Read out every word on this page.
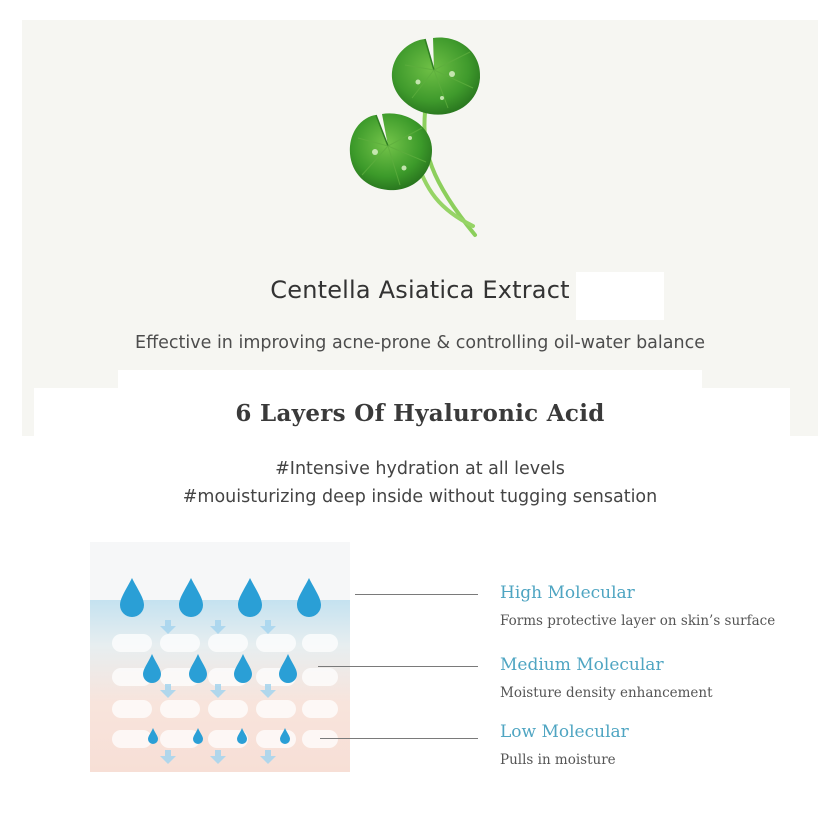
Centella Asiatica Extract
Effective in improving acne-prone & controlling oil-water balance
6 Layers Of Hyaluronic Acid
#Intensive hydration at all levels
#mouisturizing deep inside without tugging sensation
High Molecular
Forms protective layer on skin’s surface
Medium Molecular
Moisture density enhancement
Low Molecular
Pulls in moisture
